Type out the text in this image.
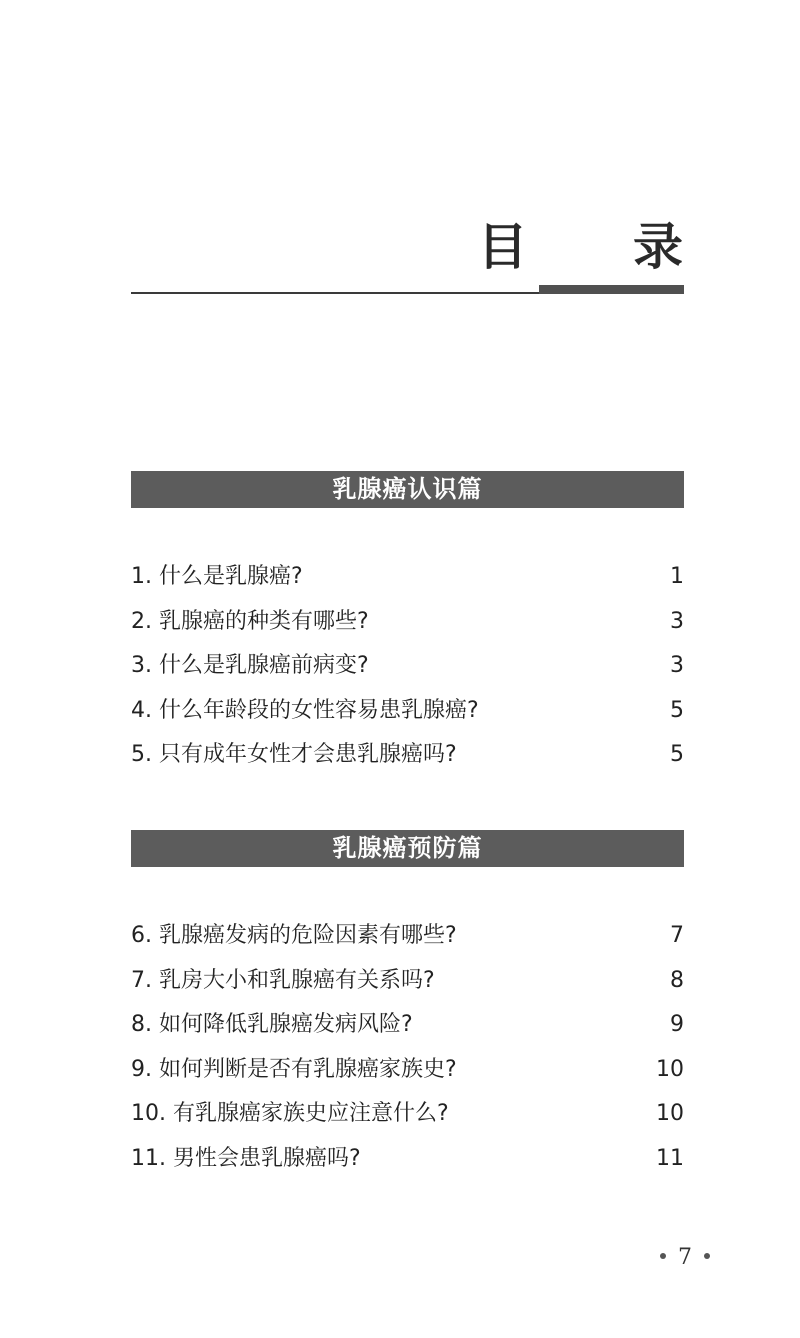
目 录
乳腺癌认识篇
1. 什么是乳腺癌?	1
2. 乳腺癌的种类有哪些?	3
3. 什么是乳腺癌前病变?	3
4. 什么年龄段的女性容易患乳腺癌?	5
5. 只有成年女性才会患乳腺癌吗?	5
乳腺癌预防篇
6. 乳腺癌发病的危险因素有哪些?	7
7. 乳房大小和乳腺癌有关系吗?	8
8. 如何降低乳腺癌发病风险?	9
9. 如何判断是否有乳腺癌家族史?	10
10. 有乳腺癌家族史应注意什么?	10
11. 男性会患乳腺癌吗?	11
7
